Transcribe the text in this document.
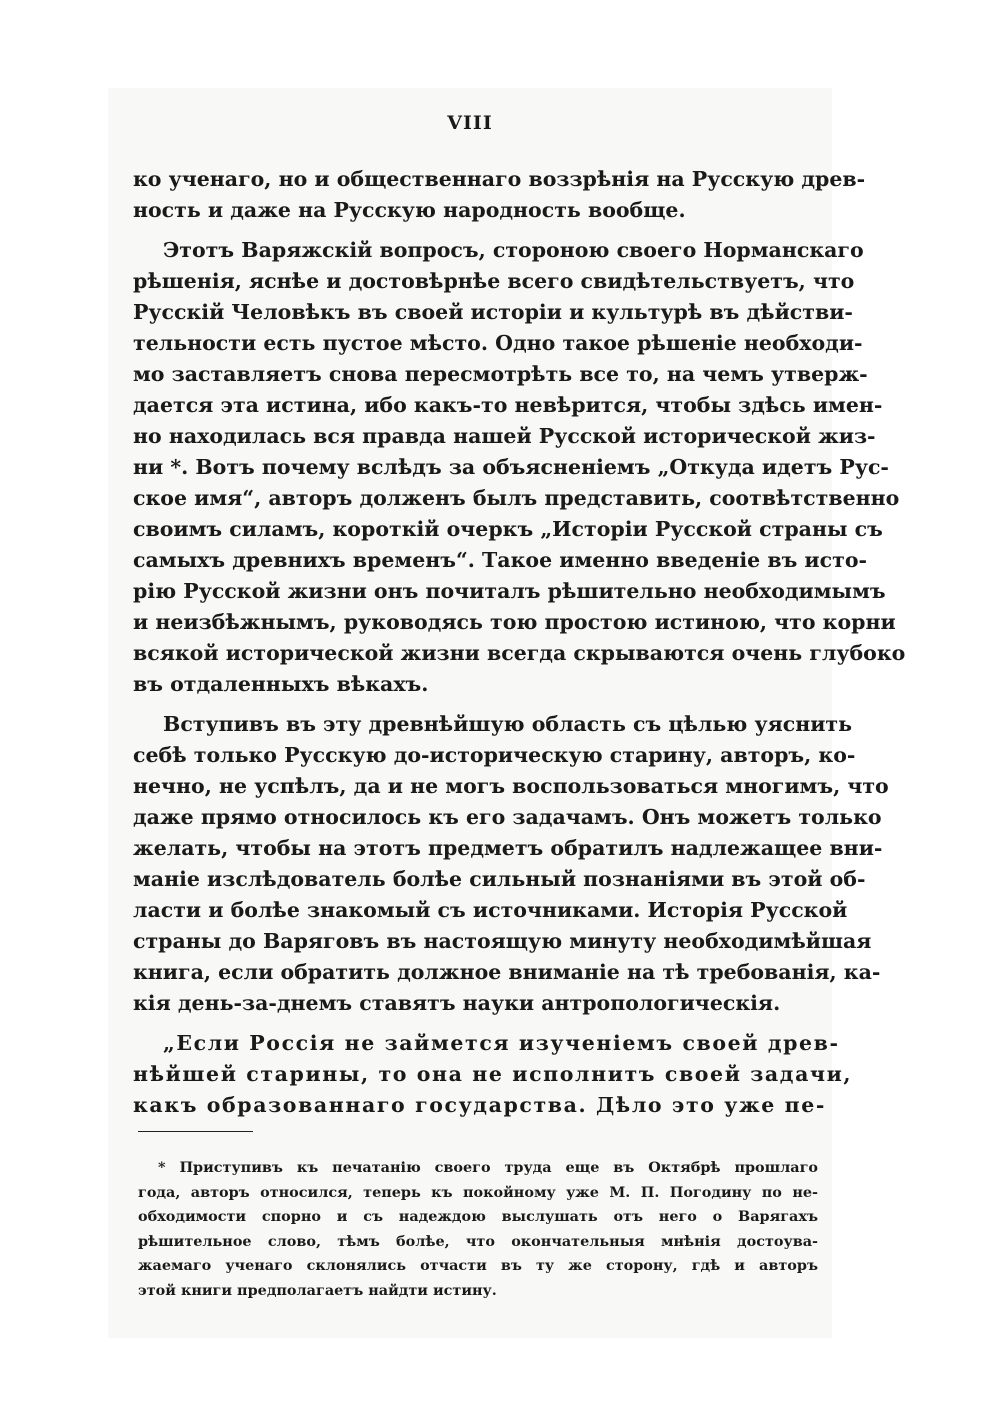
VIII

ко ученаго, но и общественнаго воззрѣнія на Русскую древ-
ность и даже на Русскую народность вообще.

Этотъ Варяжскій вопросъ, стороною своего Норманскаго
рѣшенія, яснѣе и достовѣрнѣе всего свидѣтельствуетъ, что
Русскій Человѣкъ въ своей исторіи и культурѣ въ дѣйстви-
тельности есть пустое мѣсто. Одно такое рѣшеніе необходи-
мо заставляетъ снова пересмотрѣть все то, на чемъ утверж-
дается эта истина, ибо какъ-то невѣрится, чтобы здѣсь имен-
но находилась вся правда нашей Русской исторической жиз-
ни *. Вотъ почему вслѣдъ за объясненіемъ „Откуда идетъ Рус-
ское имя“, авторъ долженъ былъ представить, соотвѣтственно
своимъ силамъ, короткій очеркъ „Исторіи Русской страны съ
самыхъ древнихъ временъ“. Такое именно введеніе въ исто-
рію Русской жизни онъ почиталъ рѣшительно необходимымъ
и неизбѣжнымъ, руководясь тою простою истиною, что корни
всякой исторической жизни всегда скрываются очень глубоко
въ отдаленныхъ вѣкахъ.

Вступивъ въ эту древнѣйшую область съ цѣлью уяснить
себѣ только Русскую до-историческую старину, авторъ, ко-
нечно, не успѣлъ, да и не могъ воспользоваться многимъ, что
даже прямо относилось къ его задачамъ. Онъ можетъ только
желать, чтобы на этотъ предметъ обратилъ надлежащее вни-
маніе изслѣдователь болѣе сильный познаніями въ этой об-
ласти и болѣе знакомый съ источниками. Исторія Русской
страны до Варяговъ въ настоящую минуту необходимѣйшая
книга, если обратить должное вниманіе на тѣ требованія, ка-
кія день-за-днемъ ставятъ науки антропологическія.

„Если Россія не займется изученіемъ своей древ-
нѣйшей старины, то она не исполнитъ своей задачи,
какъ образованнаго государства. Дѣло это уже пе-

* Приступивъ къ печатанію своего труда еще въ Октябрѣ прошлаго
года, авторъ относился, теперь къ покойному уже М. П. Погодину по не-
обходимости спорно и съ надеждою выслушать отъ него о Варягахъ
рѣшительное слово, тѣмъ болѣе, что окончательныя мнѣнія достоува-
жаемаго ученаго склонялись отчасти въ ту же сторону, гдѣ и авторъ
этой книги предполагаетъ найдти истину.
